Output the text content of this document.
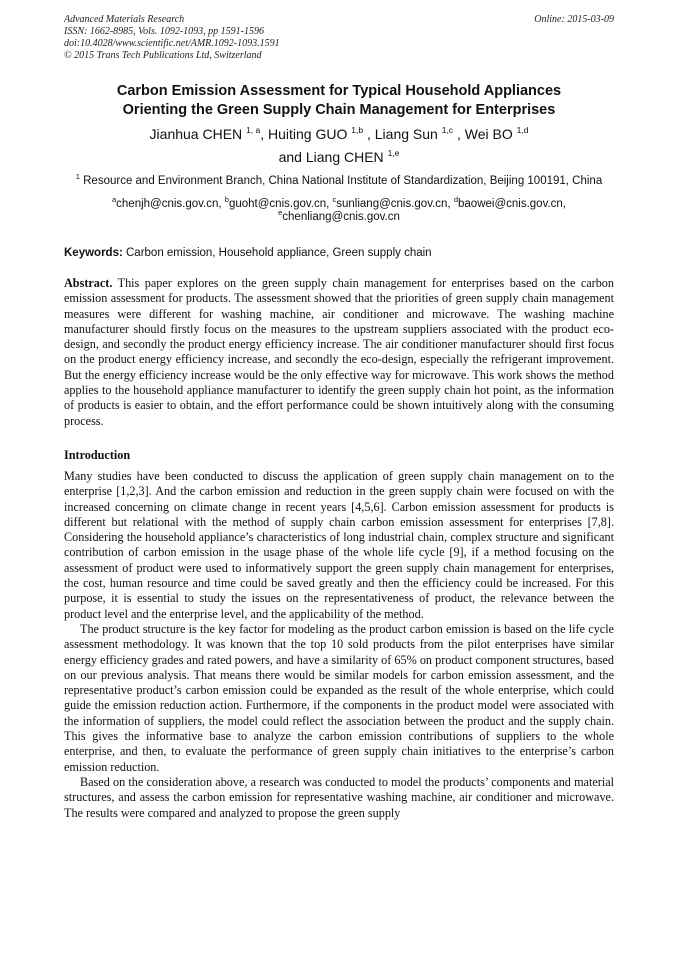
Advanced Materials Research
ISSN: 1662-8985, Vols. 1092-1093, pp 1591-1596
doi:10.4028/www.scientific.net/AMR.1092-1093.1591
© 2015 Trans Tech Publications Ltd, Switzerland
Online: 2015-03-09
Carbon Emission Assessment for Typical Household Appliances
Orienting the Green Supply Chain Management for Enterprises
Jianhua CHEN $^{1, a}$, Huiting GUO $^{1,b}$ , Liang Sun $^{1,c}$ , Wei BO $^{1,d}$
and Liang CHEN $^{1,e}$
$^1$ Resource and Environment Branch, China National Institute of Standardization, Beijing 100191, China
$^a$chenjh@cnis.gov.cn, $^b$guoht@cnis.gov.cn, $^c$sunliang@cnis.gov.cn, $^d$baowei@cnis.gov.cn,
$^e$chenliang@cnis.gov.cn
Keywords: Carbon emission, Household appliance, Green supply chain
Abstract. This paper explores on the green supply chain management for enterprises based on the carbon emission assessment for products. The assessment showed that the priorities of green supply chain management measures were different for washing machine, air conditioner and microwave. The washing machine manufacturer should firstly focus on the measures to the upstream suppliers associated with the product eco-design, and secondly the product energy efficiency increase. The air conditioner manufacturer should first focus on the product energy efficiency increase, and secondly the eco-design, especially the refrigerant improvement. But the energy efficiency increase would be the only effective way for microwave. This work shows the method applies to the household appliance manufacturer to identify the green supply chain hot point, as the information of products is easier to obtain, and the effort performance could be shown intuitively along with the consuming process.
Introduction
Many studies have been conducted to discuss the application of green supply chain management on to the enterprise [1,2,3]. And the carbon emission and reduction in the green supply chain were focused on with the increased concerning on climate change in recent years [4,5,6]. Carbon emission assessment for products is different but relational with the method of supply chain carbon emission assessment for enterprises [7,8]. Considering the household appliance’s characteristics of long industrial chain, complex structure and significant contribution of carbon emission in the usage phase of the whole life cycle [9], if a method focusing on the assessment of product were used to informatively support the green supply chain management for enterprises, the cost, human resource and time could be saved greatly and then the efficiency could be increased. For this purpose, it is essential to study the issues on the representativeness of product, the relevance between the product level and the enterprise level, and the applicability of the method.
The product structure is the key factor for modeling as the product carbon emission is based on the life cycle assessment methodology. It was known that the top 10 sold products from the pilot enterprises have similar energy efficiency grades and rated powers, and have a similarity of 65% on product component structures, based on our previous analysis. That means there would be similar models for carbon emission assessment, and the representative product’s carbon emission could be expanded as the result of the whole enterprise, which could guide the emission reduction action. Furthermore, if the components in the product model were associated with the information of suppliers, the model could reflect the association between the product and the supply chain. This gives the informative base to analyze the carbon emission contributions of suppliers to the whole enterprise, and then, to evaluate the performance of green supply chain initiatives to the enterprise’s carbon emission reduction.
Based on the consideration above, a research was conducted to model the products’ components and material structures, and assess the carbon emission for representative washing machine, air conditioner and microwave. The results were compared and analyzed to propose the green supply
